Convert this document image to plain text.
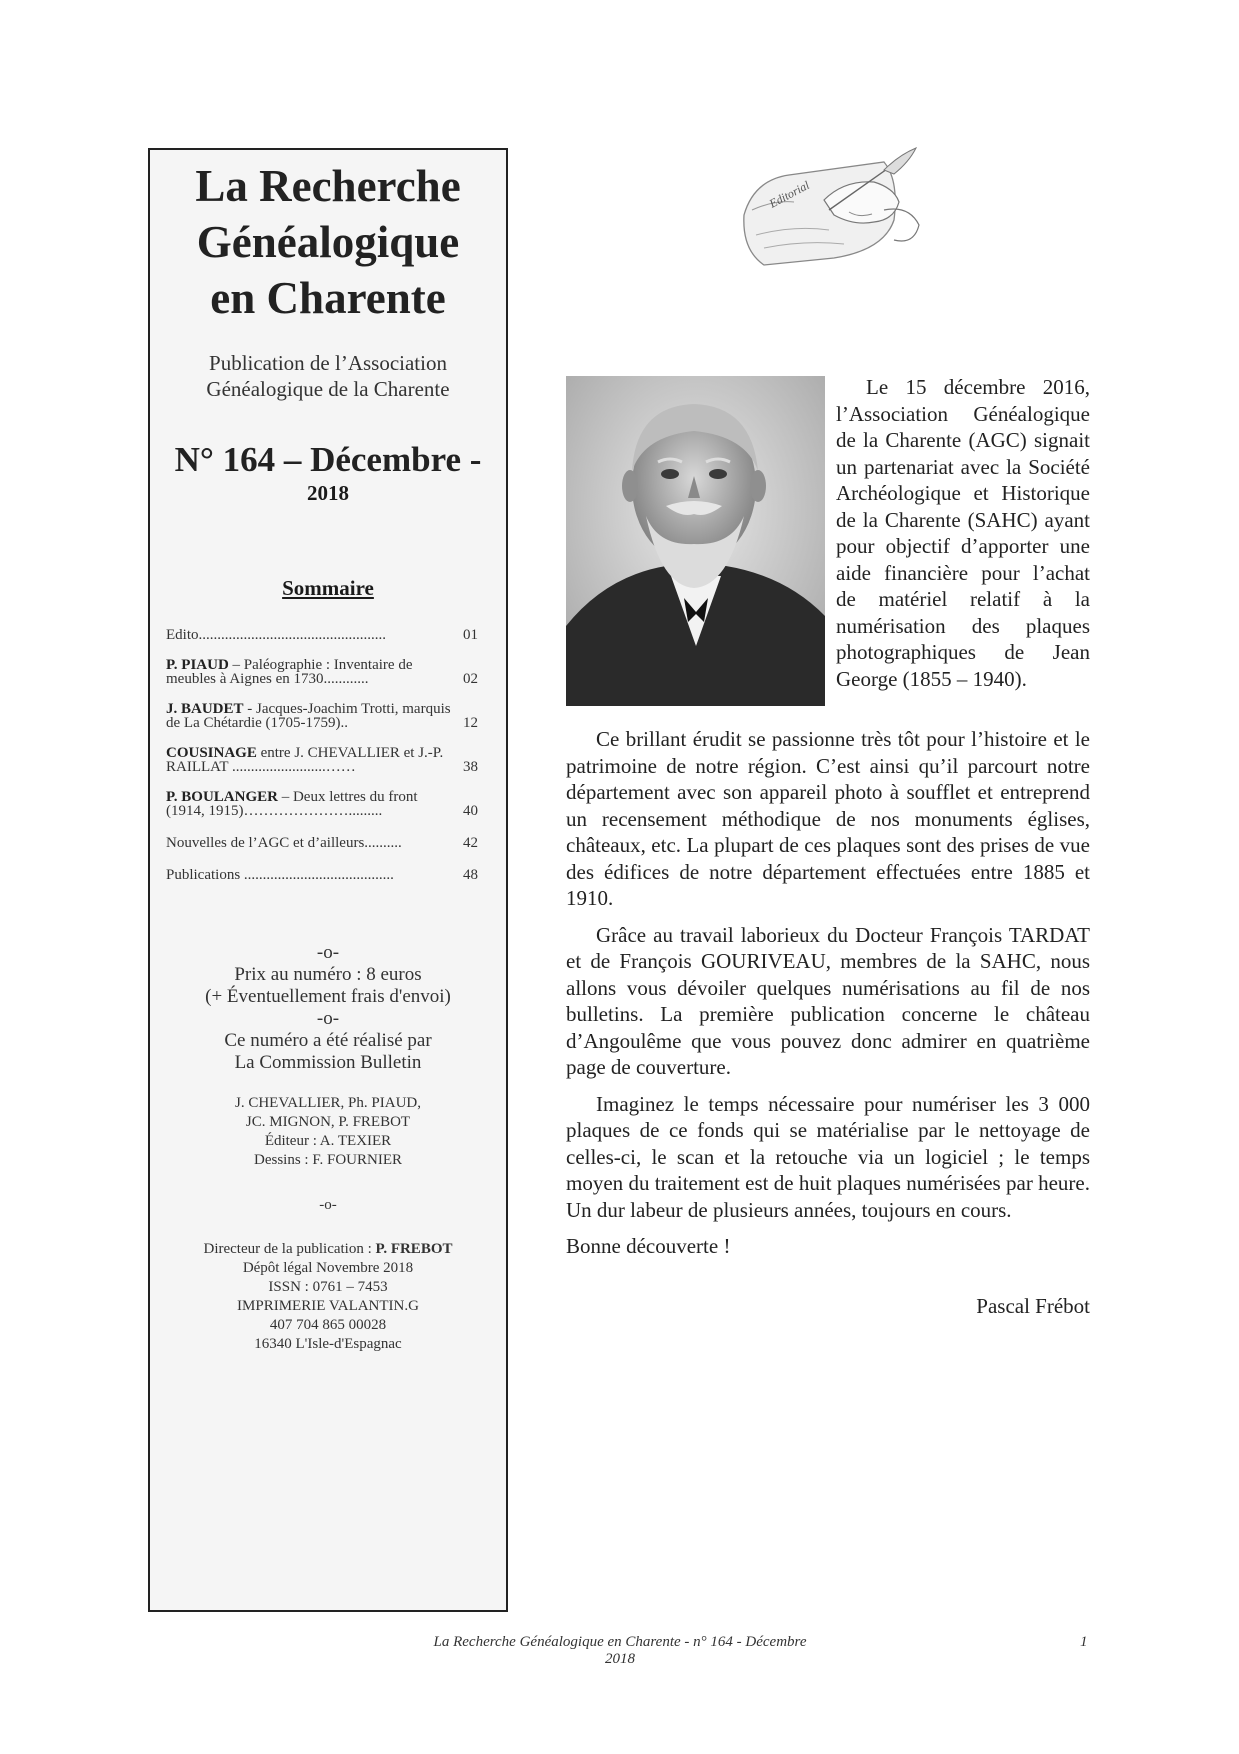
La Recherche
Généalogique
en Charente
Publication de l’Association
Généalogique de la Charente
N° 164 – Décembre -
2018
Sommaire
Edito..................................................	01
P. PIAUD – Paléographie : Inventaire de meubles à Aignes en 1730............	02
J. BAUDET - Jacques-Joachim Trotti, marquis de La Chétardie (1705-1759)..	12
COUSINAGE entre J. CHEVALLIER et J.-P. RAILLAT .........................……	38
P. BOULANGER – Deux lettres du front (1914, 1915)………………….........	40
Nouvelles de l’AGC et d’ailleurs..........	42
Publications ........................................	48
-o-
Prix au numéro : 8 euros
(+ Éventuellement frais d'envoi)
-o-
Ce numéro a été réalisé par
La Commission Bulletin
J. CHEVALLIER, Ph. PIAUD,
JC. MIGNON, P. FREBOT
Éditeur : A. TEXIER
Dessins : F. FOURNIER
-o-
Directeur de la publication : P. FREBOT
Dépôt légal Novembre 2018
ISSN : 0761 – 7453
IMPRIMERIE VALANTIN.G
407 704 865 00028
16340 L'Isle-d'Espagnac
Editorial

Le 15 décembre 2016, l’Association Généalogique de la Charente (AGC) signait un partenariat avec la Société Archéologique et Historique de la Charente (SAHC) ayant pour objectif d’apporter une aide financière pour l’achat de matériel relatif à la numérisation des plaques photographiques de Jean George (1855 – 1940).

Ce brillant érudit se passionne très tôt pour l’histoire et le patrimoine de notre région. C’est ainsi qu’il parcourt notre département avec son appareil photo à soufflet et entreprend un recensement méthodique de nos monuments églises, châteaux, etc. La plupart de ces plaques sont des prises de vue des édifices de notre département effectuées entre 1885 et 1910.

Grâce au travail laborieux du Docteur François TARDAT et de François GOURIVEAU, membres de la SAHC, nous allons vous dévoiler quelques numérisations au fil de nos bulletins. La première publication concerne le château d’Angoulême que vous pouvez donc admirer en quatrième page de couverture.

Imaginez le temps nécessaire pour numériser les 3 000 plaques de ce fonds qui se matérialise par le nettoyage de celles-ci, le scan et la retouche via un logiciel ; le temps moyen du traitement est de huit plaques numérisées par heure. Un dur labeur de plusieurs années, toujours en cours.

Bonne découverte !

Pascal Frébot
La Recherche Généalogique en Charente - n° 164 - Décembre 2018
1
